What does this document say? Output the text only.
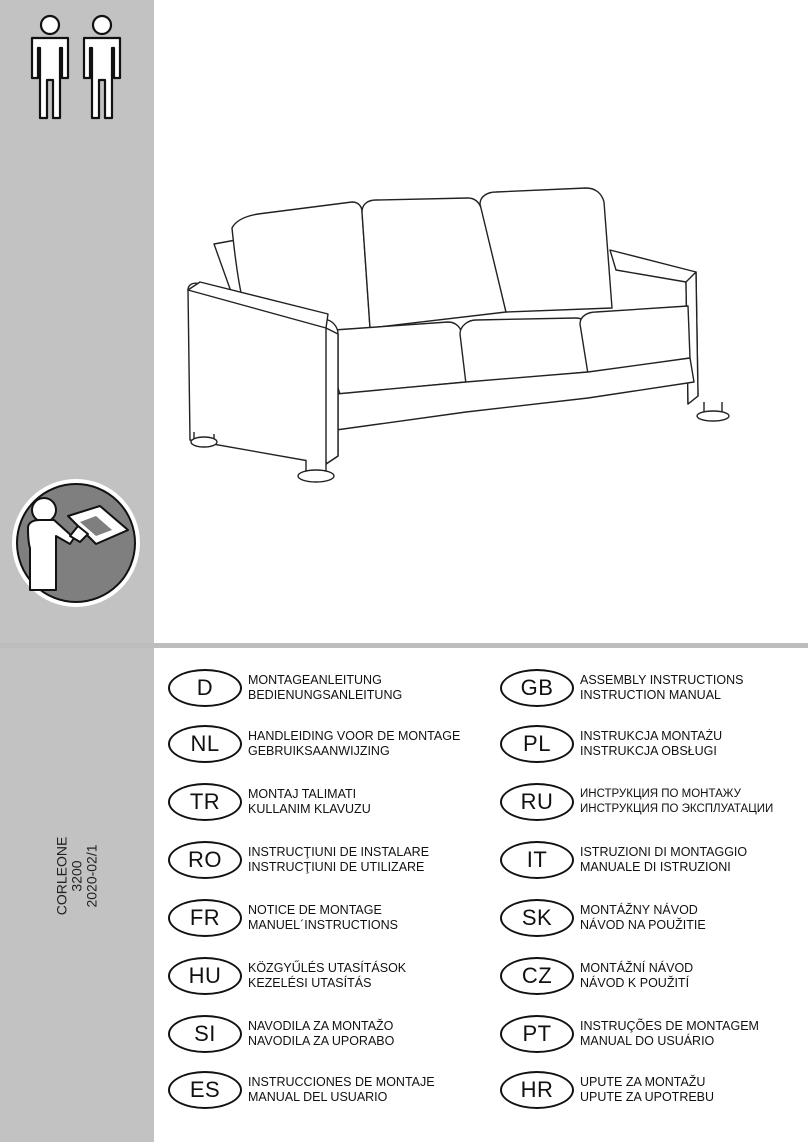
CORLEONE 3200 2020-02/1
D	MONTAGEANLEITUNG
BEDIENUNGSANLEITUNG
NL	HANDLEIDING VOOR DE MONTAGE
GEBRUIKSAANWIJZING
TR	MONTAJ TALIMATI
KULLANIM KLAVUZU
RO	INSTRUCŢIUNI DE INSTALARE
INSTRUCŢIUNI DE UTILIZARE
FR	NOTICE DE MONTAGE
MANUEL´INSTRUCTIONS
HU	KÖZGYŰLÉS UTASÍTÁSOK
KEZELÉSI UTASÍTÁS
SI	NAVODILA ZA MONTAŽO
NAVODILA ZA UPORABO
ES	INSTRUCCIONES DE MONTAJE
MANUAL DEL USUARIO
GB	ASSEMBLY INSTRUCTIONS
INSTRUCTION MANUAL
PL	INSTRUKCJA MONTAŻU
INSTRUKCJA OBSŁUGI
RU	ИНСТРУКЦИЯ ПО МОНТАЖУ
ИНСТРУКЦИЯ ПО ЭКСПЛУАТАЦИИ
IT	ISTRUZIONI DI MONTAGGIO
MANUALE DI ISTRUZIONI
SK	MONTÁŽNY NÁVOD
NÁVOD NA POUŽITIE
CZ	MONTÁŽNÍ NÁVOD
NÁVOD K POUŽITÍ
PT	INSTRUÇÕES DE MONTAGEM
MANUAL DO USUÁRIO
HR	UPUTE ZA MONTAŽU
UPUTE ZA UPOTREBU
